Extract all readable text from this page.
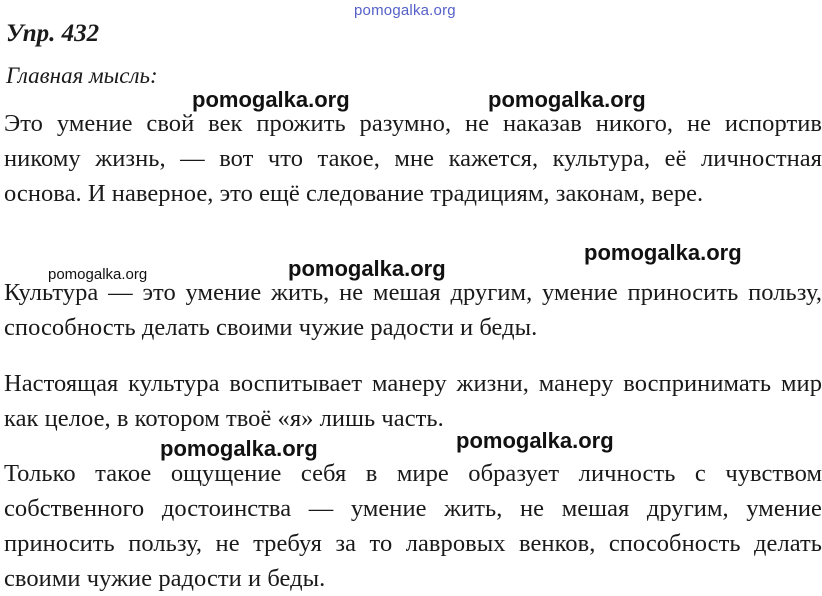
pomogalka.org
Упр. 432

Главная мысль:

Это умение свой век прожить разумно, не наказав никого, не испортив никому жизнь, — вот что такое, мне кажется, культура, её личностная основа. И наверное, это ещё следование традициям, законам, вере.

Культура — это умение жить, не мешая другим, умение приносить пользу, способность делать своими чужие радости и беды.

Настоящая культура воспитывает манеру жизни, манеру воспринимать мир как целое, в котором твоё «я» лишь часть.

Только такое ощущение себя в мире образует личность с чувством собственного достоинства — умение жить, не мешая другим, умение приносить пользу, не требуя за то лавровых венков, способность делать своими чужие радости и беды.

pomogalka.org	pomogalka.org
pomogalka.org
pomogalka.org	pomogalka.org
pomogalka.org	pomogalka.org
